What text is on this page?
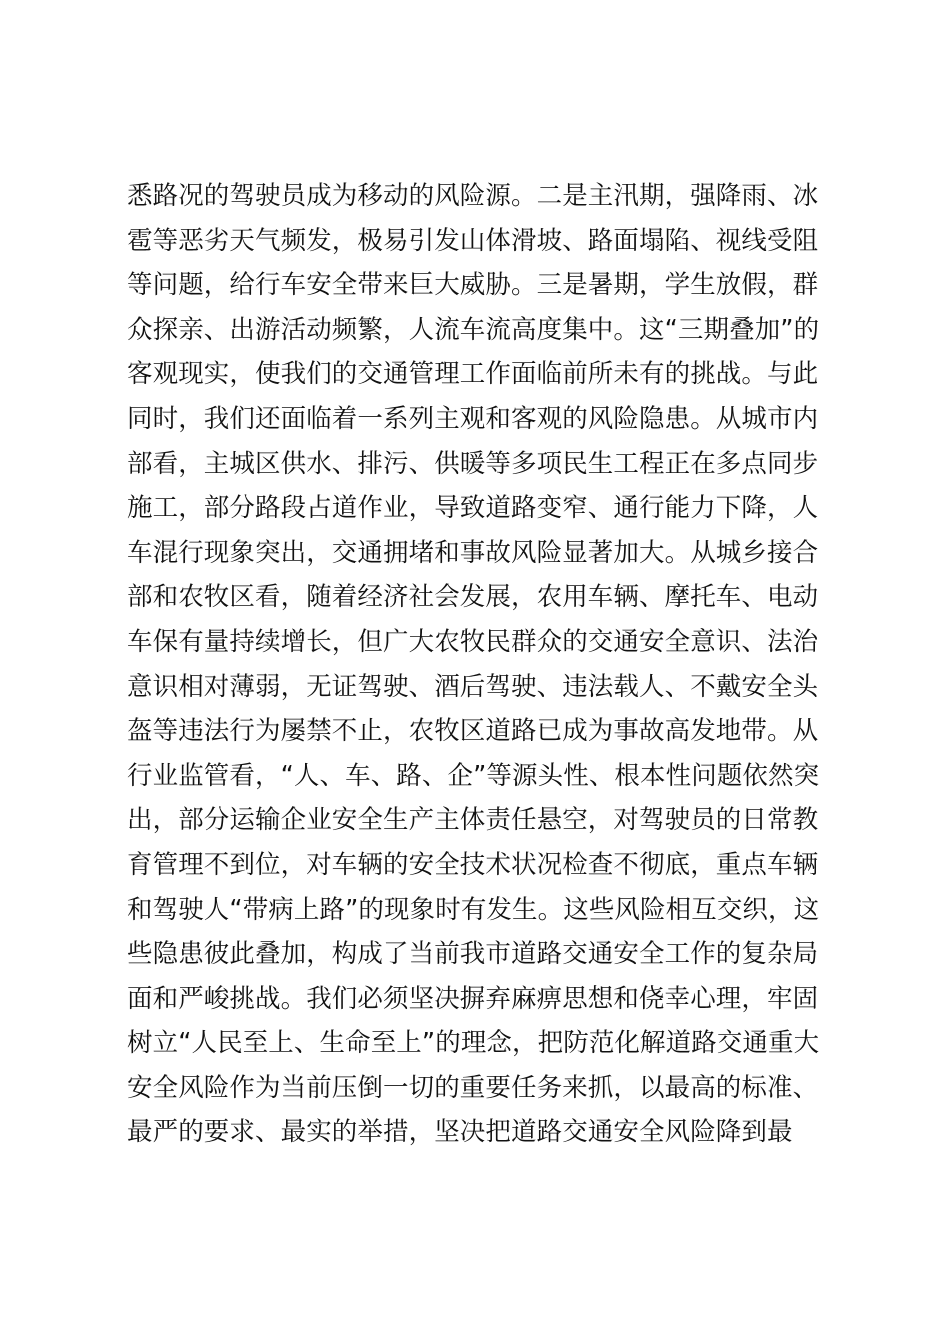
悉路况的驾驶员成为移动的风险源。二是主汛期，强降雨、冰
雹等恶劣天气频发，极易引发山体滑坡、路面塌陷、视线受阻
等问题，给行车安全带来巨大威胁。三是暑期，学生放假，群
众探亲、出游活动频繁，人流车流高度集中。这“三期叠加”的
客观现实，使我们的交通管理工作面临前所未有的挑战。与此
同时，我们还面临着一系列主观和客观的风险隐患。从城市内
部看，主城区供水、排污、供暖等多项民生工程正在多点同步
施工，部分路段占道作业，导致道路变窄、通行能力下降，人
车混行现象突出，交通拥堵和事故风险显著加大。从城乡接合
部和农牧区看，随着经济社会发展，农用车辆、摩托车、电动
车保有量持续增长，但广大农牧民群众的交通安全意识、法治
意识相对薄弱，无证驾驶、酒后驾驶、违法载人、不戴安全头
盔等违法行为屡禁不止，农牧区道路已成为事故高发地带。从
行业监管看，“人、车、路、企”等源头性、根本性问题依然突
出，部分运输企业安全生产主体责任悬空，对驾驶员的日常教
育管理不到位，对车辆的安全技术状况检查不彻底，重点车辆
和驾驶人“带病上路”的现象时有发生。这些风险相互交织，这
些隐患彼此叠加，构成了当前我市道路交通安全工作的复杂局
面和严峻挑战。我们必须坚决摒弃麻痹思想和侥幸心理，牢固
树立“人民至上、生命至上”的理念，把防范化解道路交通重大
安全风险作为当前压倒一切的重要任务来抓，以最高的标准、
最严的要求、最实的举措，坚决把道路交通安全风险降到最
